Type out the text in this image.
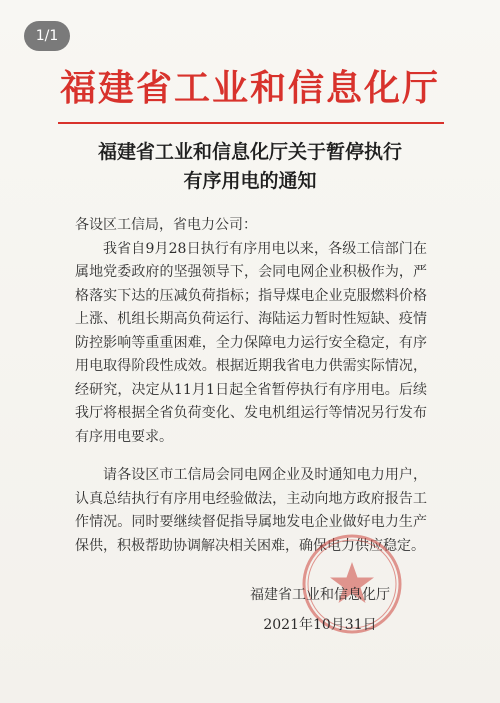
1/1
福建省工业和信息化厅
福建省工业和信息化厅关于暂停执行
有序用电的通知
各设区工信局，省电力公司：
我省自9月28日执行有序用电以来，各级工信部门在属地党委政府的坚强领导下，会同电网企业积极作为，严格落实下达的压减负荷指标；指导煤电企业克服燃料价格上涨、机组长期高负荷运行、海陆运力暂时性短缺、疫情防控影响等重重困难，全力保障电力运行安全稳定，有序用电取得阶段性成效。根据近期我省电力供需实际情况，经研究，决定从11月1日起全省暂停执行有序用电。后续我厅将根据全省负荷变化、发电机组运行等情况另行发布有序用电要求。
请各设区市工信局会同电网企业及时通知电力用户，认真总结执行有序用电经验做法，主动向地方政府报告工作情况。同时要继续督促指导属地发电企业做好电力生产保供，积极帮助协调解决相关困难，确保电力供应稳定。
福建省工业和信息化厅
2021年10月31日
